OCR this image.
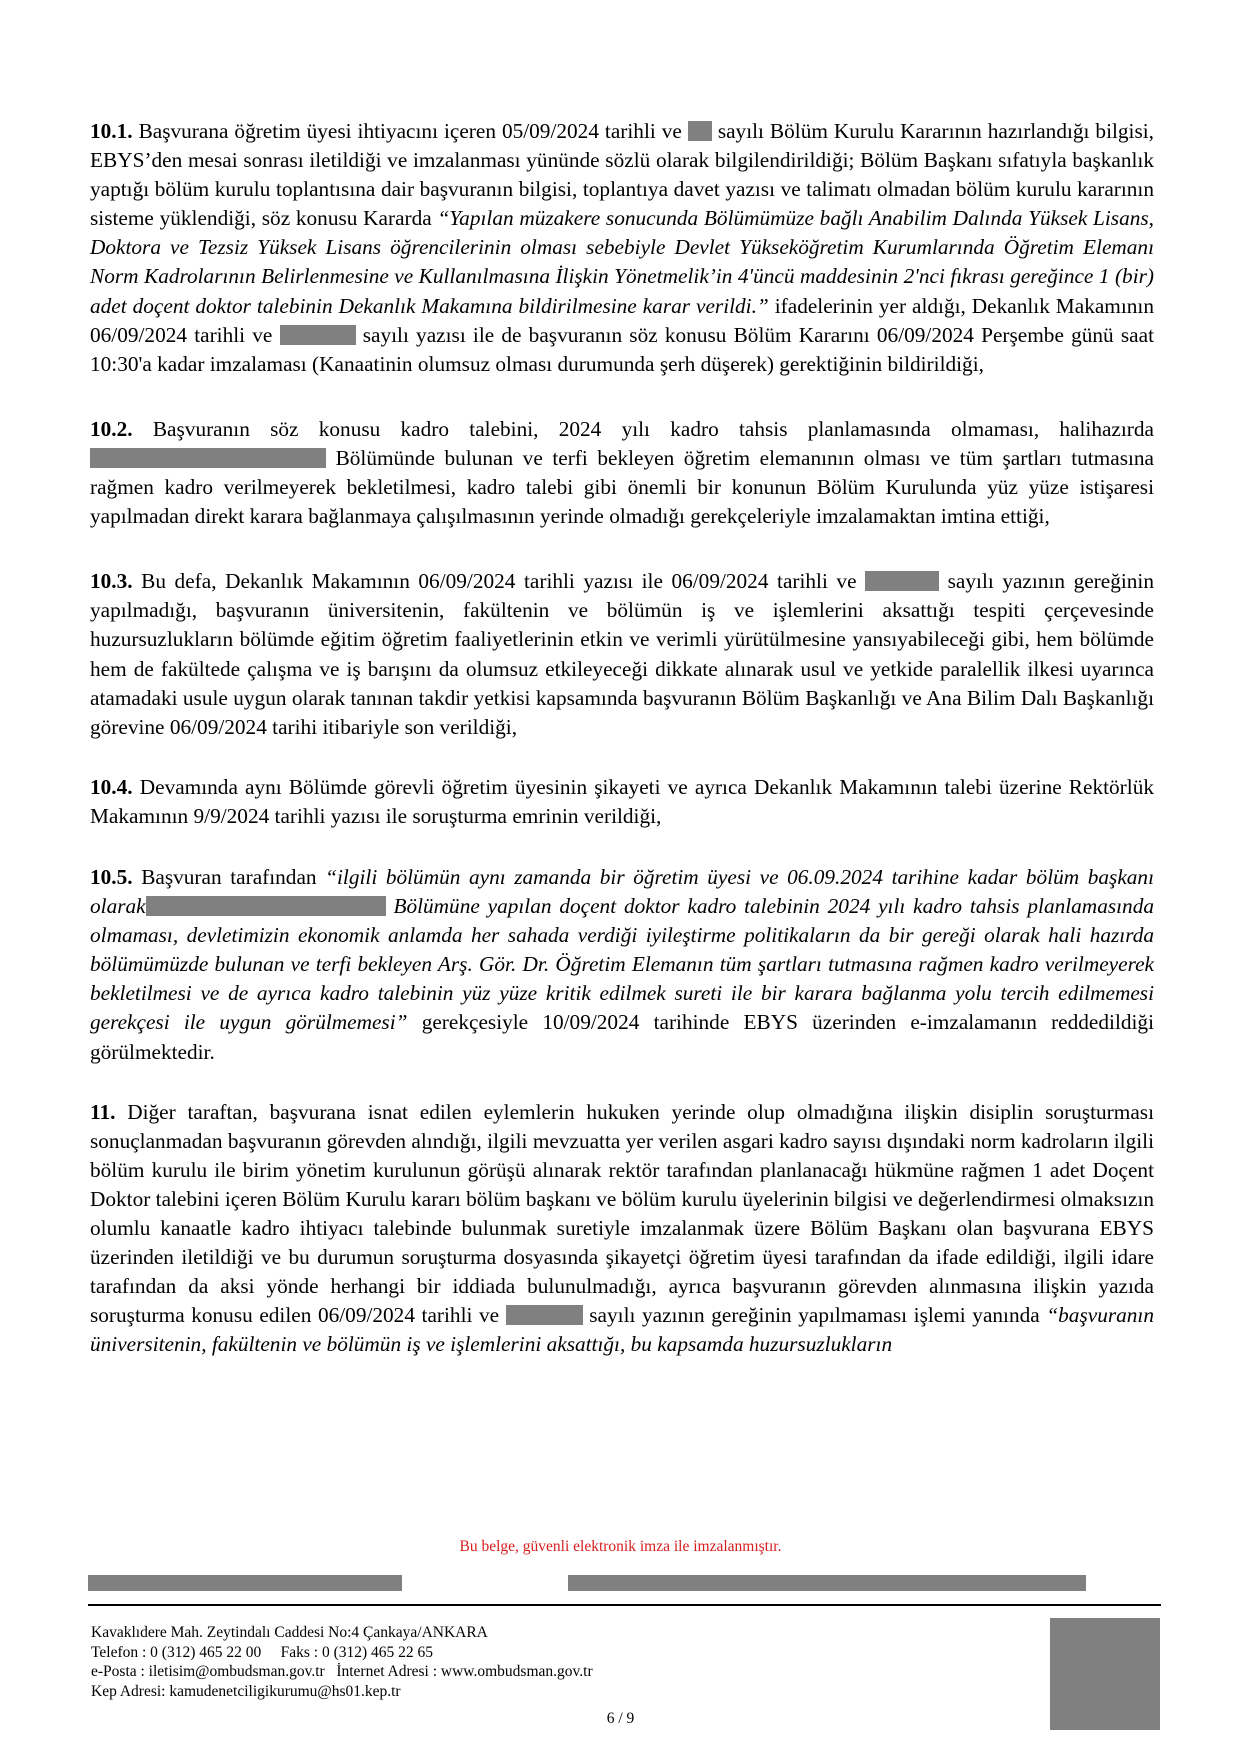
10.1. Başvurana öğretim üyesi ihtiyacını içeren 05/09/2024 tarihli ve  sayılı Bölüm Kurulu Kararının hazırlandığı bilgisi, EBYS’den mesai sonrası iletildiği ve imzalanması yününde sözlü olarak bilgilendirildiği; Bölüm Başkanı sıfatıyla başkanlık yaptığı bölüm kurulu toplantısına dair başvuranın bilgisi, toplantıya davet yazısı ve talimatı olmadan bölüm kurulu kararının sisteme yüklendiği, söz konusu Kararda “Yapılan müzakere sonucunda Bölümümüze bağlı Anabilim Dalında Yüksek Lisans, Doktora ve Tezsiz Yüksek Lisans öğrencilerinin olması sebebiyle Devlet Yükseköğretim Kurumlarında Öğretim Elemanı Norm Kadrolarının Belirlenmesine ve Kullanılmasına İlişkin Yönetmelik’in 4'üncü maddesinin 2'nci fıkrası gereğince 1 (bir) adet doçent doktor talebinin Dekanlık Makamına bildirilmesine karar verildi.” ifadelerinin yer aldığı, Dekanlık Makamının 06/09/2024 tarihli ve	sayılı yazısı ile de başvuranın söz konusu Bölüm Kararını 06/09/2024 Perşembe günü saat 10:30'a kadar imzalaması (Kanaatinin olumsuz olması durumunda şerh düşerek) gerektiğinin bildirildiği,

10.2. Başvuranın söz konusu kadro talebini, 2024 yılı kadro tahsis planlamasında olmaması, halihazırda  Bölümünde bulunan ve terfi bekleyen öğretim elemanının olması ve tüm şartları tutmasına rağmen kadro verilmeyerek bekletilmesi, kadro talebi gibi önemli bir konunun Bölüm Kurulunda yüz yüze istişaresi yapılmadan direkt karara bağlanmaya çalışılmasının yerinde olmadığı gerekçeleriyle imzalamaktan imtina ettiği,

10.3. Bu defa, Dekanlık Makamının 06/09/2024 tarihli yazısı ile 06/09/2024 tarihli ve	sayılı yazının gereğinin yapılmadığı, başvuranın üniversitenin, fakültenin ve bölümün iş ve işlemlerini aksattığı tespiti çerçevesinde huzursuzlukların bölümde eğitim öğretim faaliyetlerinin etkin ve verimli yürütülmesine yansıyabileceği gibi, hem bölümde hem de fakültede çalışma ve iş barışını da olumsuz etkileyeceği dikkate alınarak usul ve yetkide paralellik ilkesi uyarınca atamadaki usule uygun olarak tanınan takdir yetkisi kapsamında başvuranın Bölüm Başkanlığı ve Ana Bilim Dalı Başkanlığı görevine 06/09/2024 tarihi itibariyle son verildiği,

10.4. Devamında aynı Bölümde görevli öğretim üyesinin şikayeti ve ayrıca Dekanlık Makamının talebi üzerine Rektörlük Makamının 9/9/2024 tarihli yazısı ile soruşturma emrinin verildiği,

10.5. Başvuran tarafından “ilgili bölümün aynı zamanda bir öğretim üyesi ve 06.09.2024 tarihine kadar bölüm başkanı olarak	Bölümüne yapılan doçent doktor kadro talebinin 2024 yılı kadro tahsis planlamasında olmaması, devletimizin ekonomik anlamda her sahada verdiği iyileştirme politikaların da bir gereği olarak hali hazırda bölümümüzde bulunan ve terfi bekleyen Arş. Gör. Dr. Öğretim Elemanın tüm şartları tutmasına rağmen kadro verilmeyerek bekletilmesi ve de ayrıca kadro talebinin yüz yüze kritik edilmek sureti ile bir karara bağlanma yolu tercih edilmemesi gerekçesi ile uygun görülmemesi” gerekçesiyle 10/09/2024 tarihinde EBYS üzerinden e-imzalamanın reddedildiği görülmektedir.

11. Diğer taraftan, başvurana isnat edilen eylemlerin hukuken yerinde olup olmadığına ilişkin disiplin soruşturması sonuçlanmadan başvuranın görevden alındığı, ilgili mevzuatta yer verilen asgari kadro sayısı dışındaki norm kadroların ilgili bölüm kurulu ile birim yönetim kurulunun görüşü alınarak rektör tarafından planlanacağı hükmüne rağmen 1 adet Doçent Doktor talebini içeren Bölüm Kurulu kararı bölüm başkanı ve bölüm kurulu üyelerinin bilgisi ve değerlendirmesi olmaksızın olumlu kanaatle kadro ihtiyacı talebinde bulunmak suretiyle imzalanmak üzere Bölüm Başkanı olan başvurana EBYS üzerinden iletildiği ve bu durumun soruşturma dosyasında şikayetçi öğretim üyesi tarafından da ifade edildiği, ilgili idare tarafından da aksi yönde herhangi bir iddiada bulunulmadığı, ayrıca başvuranın görevden alınmasına ilişkin yazıda soruşturma konusu edilen 06/09/2024 tarihli ve	sayılı yazının gereğinin yapılmaması işlemi yanında “başvuranın üniversitenin, fakültenin ve bölümün iş ve işlemlerini aksattığı, bu kapsamda huzursuzlukların

Bu belge, güvenli elektronik imza ile imzalanmıştır.
Kavaklıdere Mah. Zeytindalı Caddesi No:4 Çankaya/ANKARA
Telefon : 0 (312) 465 22 00     Faks : 0 (312) 465 22 65
e-Posta : iletisim@ombudsman.gov.tr   İnternet Adresi : www.ombudsman.gov.tr
Kep Adresi: kamudenetciligikurumu@hs01.kep.tr
6 / 9
